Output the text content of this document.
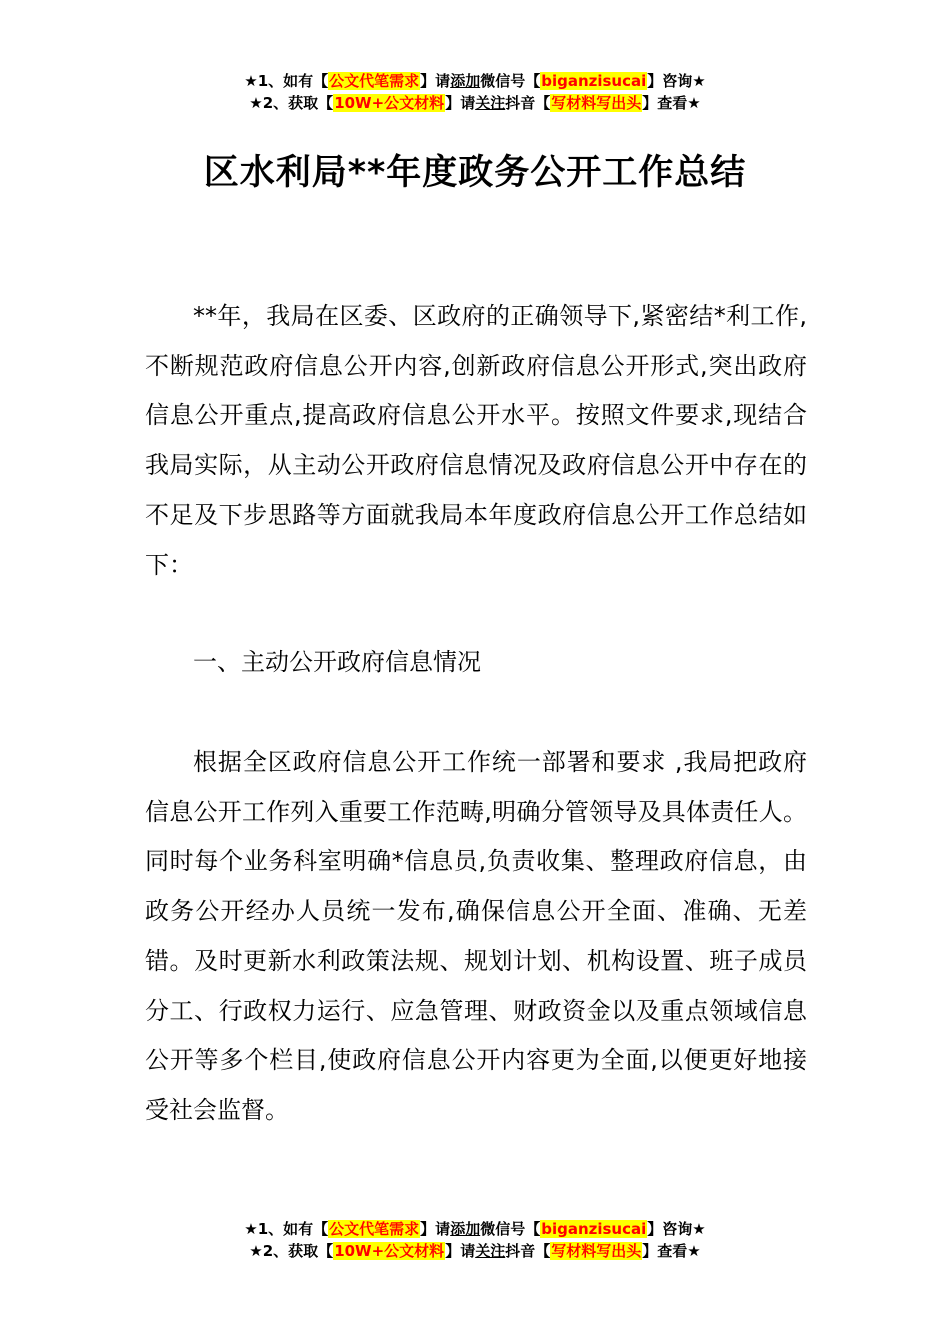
★1、如有【公文代笔需求】请添加微信号【biganzisucai】咨询★
★2、获取【10W+公文材料】请关注抖音【写材料写出头】查看★
区水利局**年度政务公开工作总结

**年，我局在区委、区政府的正确领导下,紧密结*利工作,不断规范政府信息公开内容,创新政府信息公开形式,突出政府信息公开重点,提高政府信息公开水平。按照文件要求,现结合我局实际，从主动公开政府信息情况及政府信息公开中存在的不足及下步思路等方面就我局本年度政府信息公开工作总结如下：

一、主动公开政府信息情况

根据全区政府信息公开工作统一部署和要求 ,我局把政府信息公开工作列入重要工作范畴,明确分管领导及具体责任人。同时每个业务科室明确*信息员,负责收集、整理政府信息，由政务公开经办人员统一发布,确保信息公开全面、准确、无差错。及时更新水利政策法规、规划计划、机构设置、班子成员分工、行政权力运行、应急管理、财政资金以及重点领域信息公开等多个栏目,使政府信息公开内容更为全面,以便更好地接受社会监督。

★1、如有【公文代笔需求】请添加微信号【biganzisucai】咨询★
★2、获取【10W+公文材料】请关注抖音【写材料写出头】查看★
